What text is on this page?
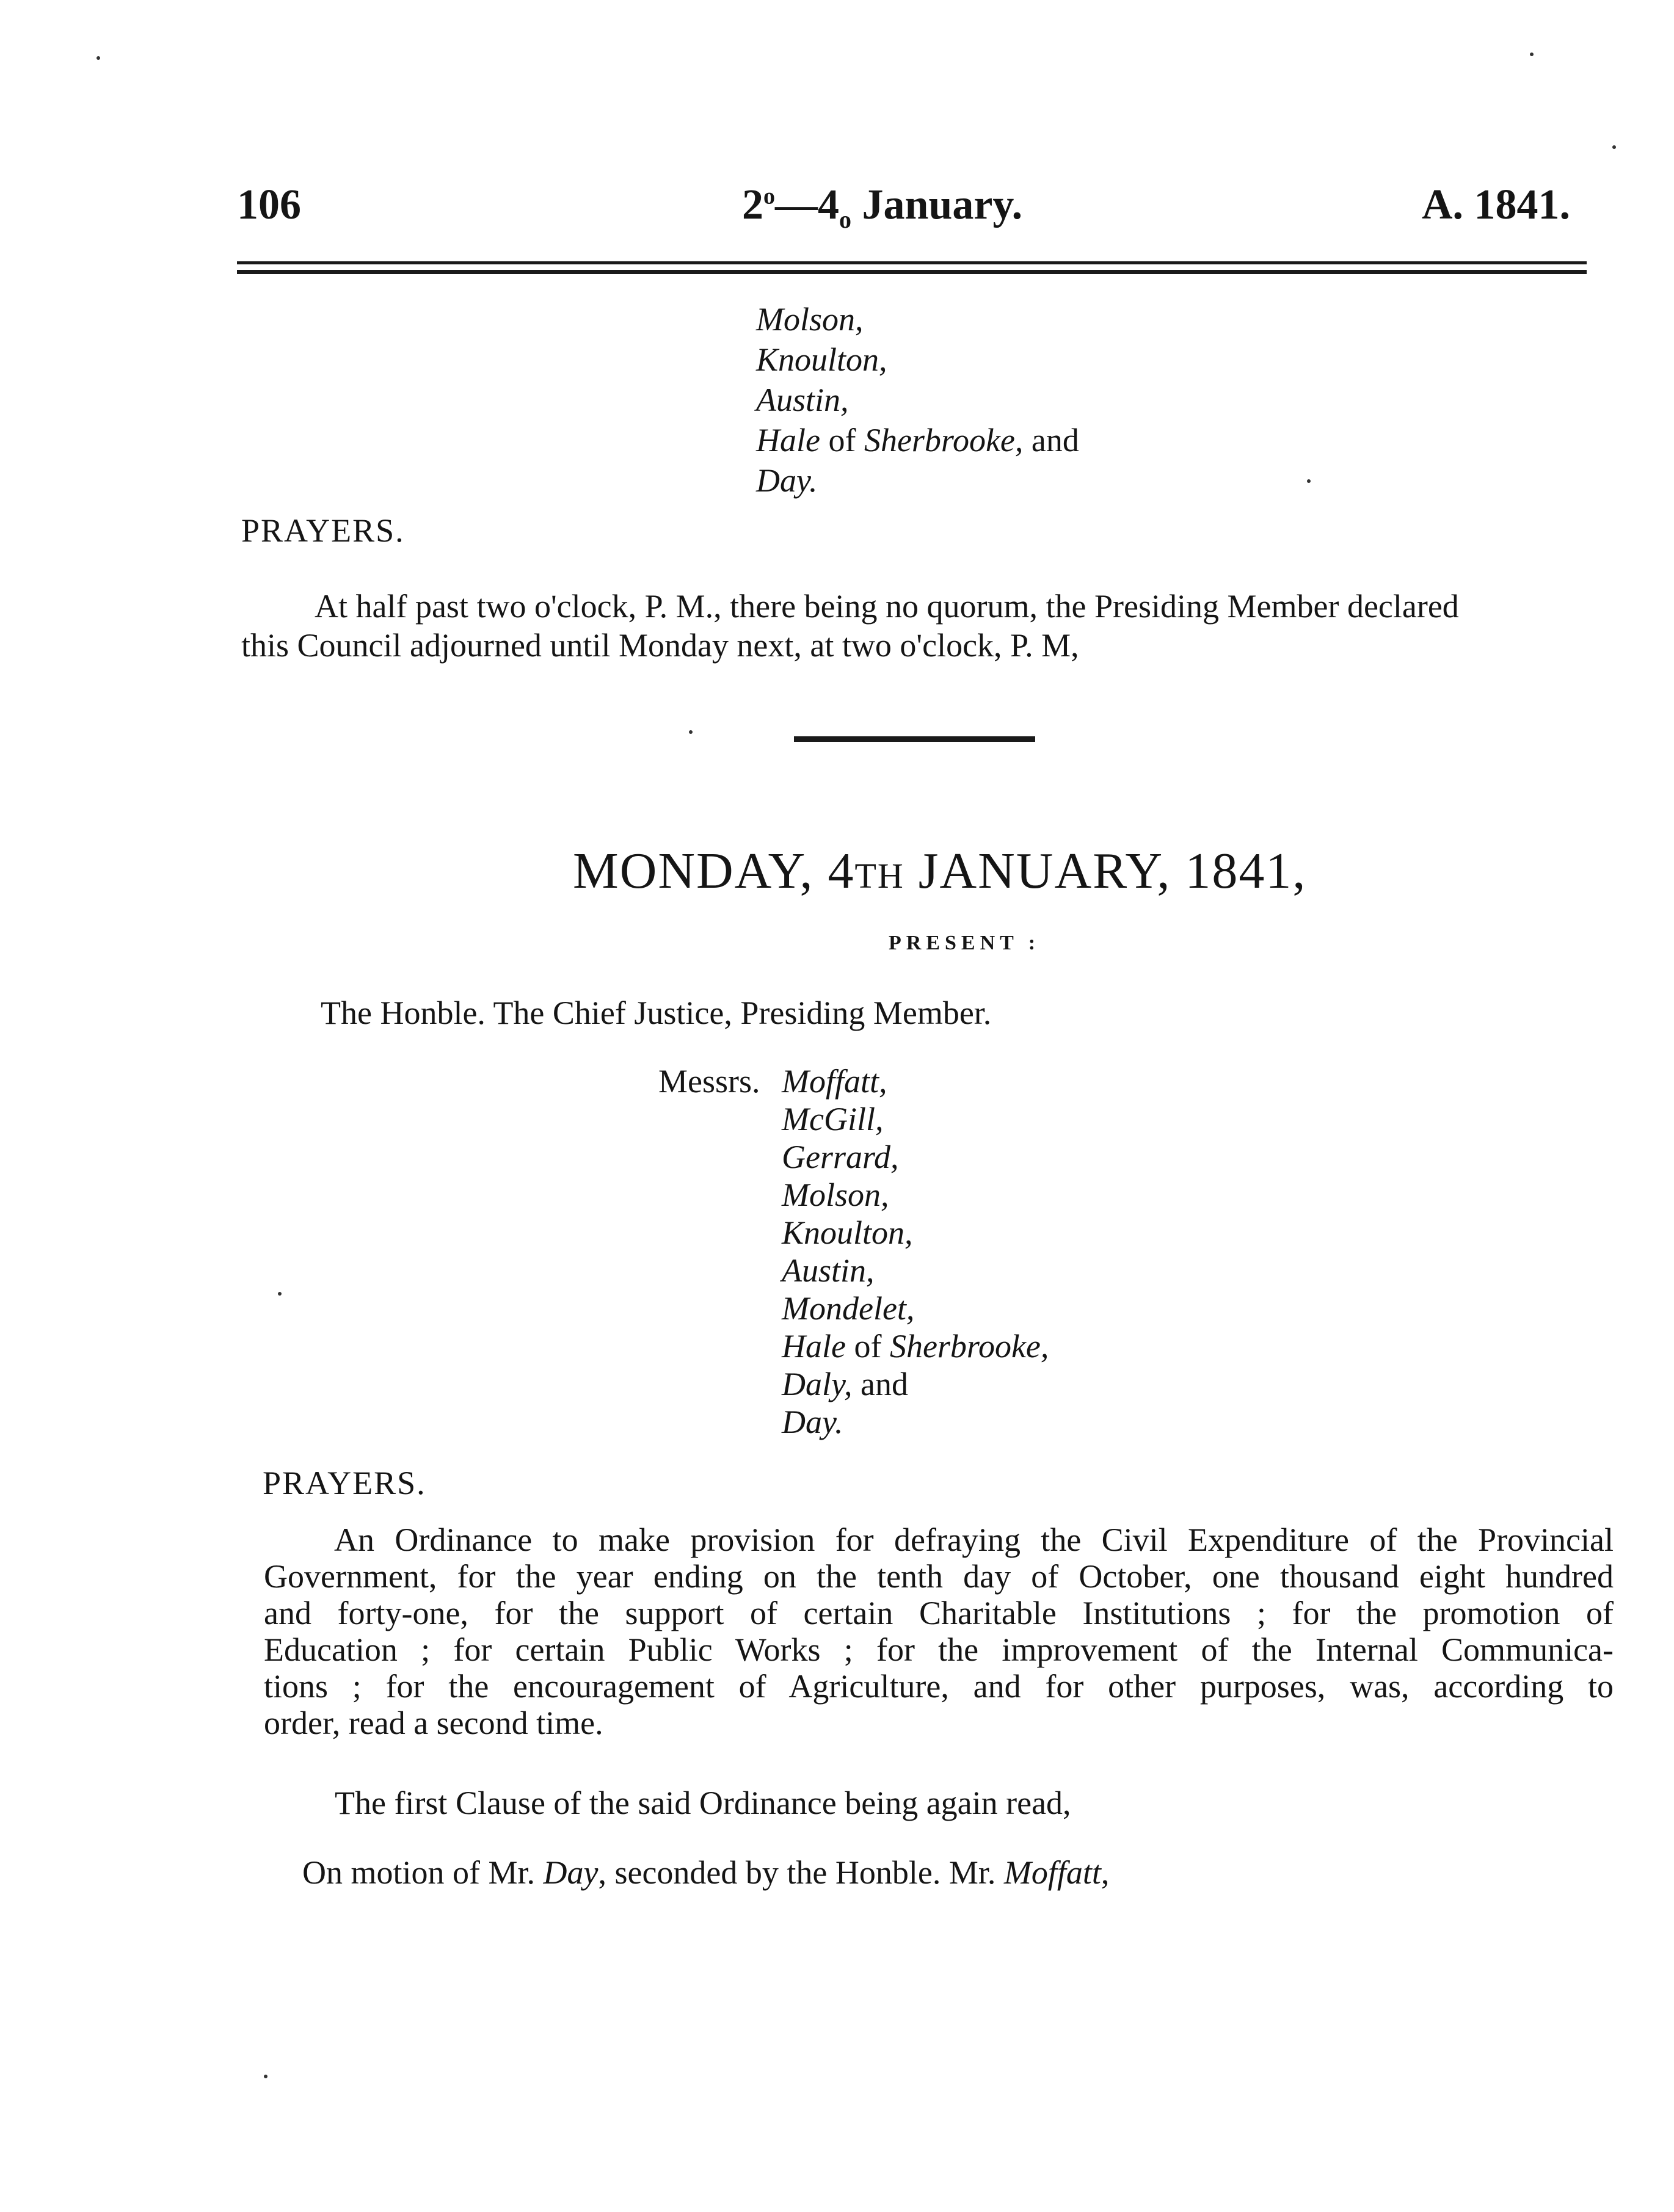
106	$2^o—4_o$ January.	A. 1841.
Molson,
Knoulton,
Austin,
Hale of Sherbrooke, and
Day.
PRAYERS.
At half past two o'clock, P. M., there being no quorum, the Presiding Member declared
this Council adjourned until Monday next, at two o'clock, P. M,
MONDAY, 4TH JANUARY, 1841,
PRESENT :
The Honble. The Chief Justice, Presiding Member.
Messrs. Moffatt,
McGill,
Gerrard,
Molson,
Knoulton,
Austin,
Mondelet,
Hale of Sherbrooke,
Daly, and
Day.
PRAYERS.
An Ordinance to make provision for defraying the Civil Expenditure of the Provincial
Government, for the year ending on the tenth day of October, one thousand eight hundred
and forty-one, for the support of certain Charitable Institutions ; for the promotion of
Education ; for certain Public Works ; for the improvement of the Internal Communica-
tions ; for the encouragement of Agriculture, and for other purposes, was, according to
order, read a second time.
The first Clause of the said Ordinance being again read,
On motion of Mr. Day, seconded by the Honble. Mr. Moffatt,
